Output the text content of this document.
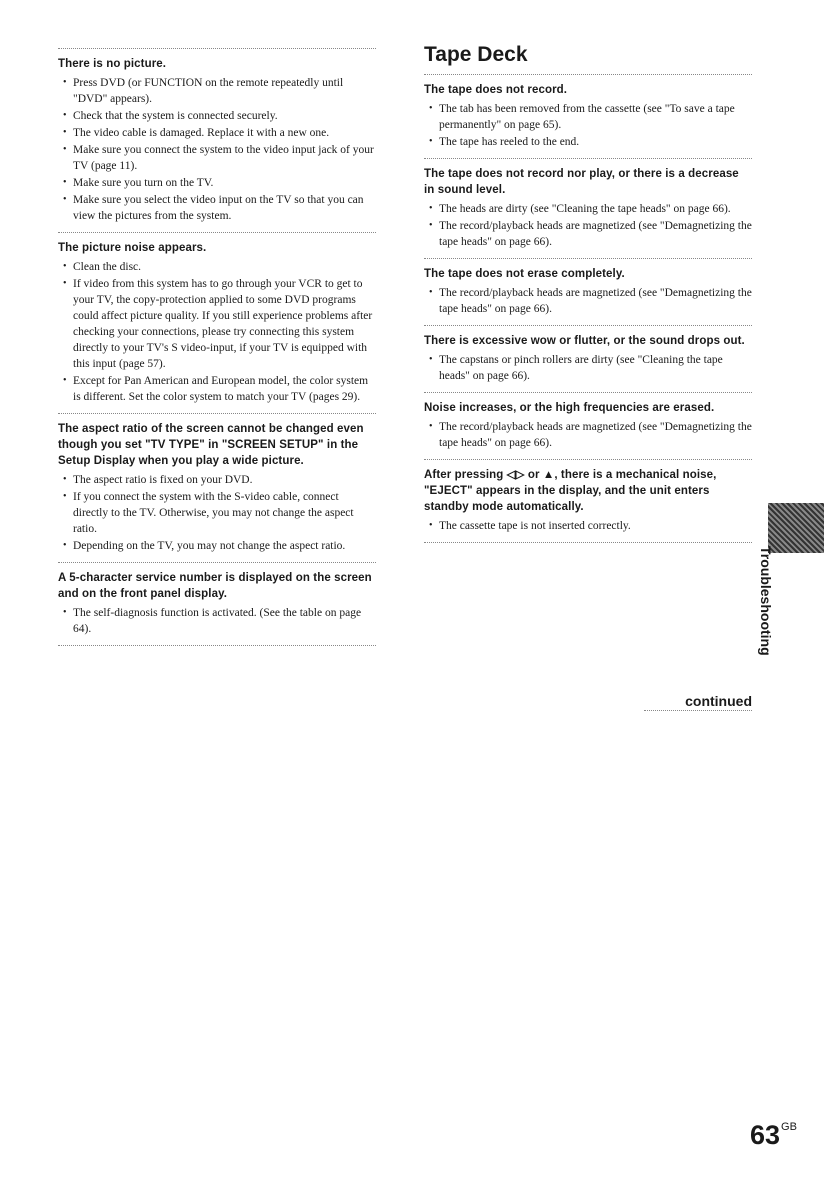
There is no picture.
• Press DVD (or FUNCTION on the remote repeatedly until "DVD" appears).
• Check that the system is connected securely.
• The video cable is damaged. Replace it with a new one.
• Make sure you connect the system to the video input jack of your TV (page 11).
• Make sure you turn on the TV.
• Make sure you select the video input on the TV so that you can view the pictures from the system.
The picture noise appears.
• Clean the disc.
• If video from this system has to go through your VCR to get to your TV, the copy-protection applied to some DVD programs could affect picture quality. If you still experience problems after checking your connections, please try connecting this system directly to your TV's S video-input, if your TV is equipped with this input (page 57).
• Except for Pan American and European model, the color system is different. Set the color system to match your TV (pages 29).
The aspect ratio of the screen cannot be changed even though you set "TV TYPE" in "SCREEN SETUP" in the Setup Display when you play a wide picture.
• The aspect ratio is fixed on your DVD.
• If you connect the system with the S-video cable, connect directly to the TV. Otherwise, you may not change the aspect ratio.
• Depending on the TV, you may not change the aspect ratio.
A 5-character service number is displayed on the screen and on the front panel display.
• The self-diagnosis function is activated. (See the table on page 64).
Tape Deck
The tape does not record.
• The tab has been removed from the cassette (see "To save a tape permanently" on page 65).
• The tape has reeled to the end.
The tape does not record nor play, or there is a decrease in sound level.
• The heads are dirty (see "Cleaning the tape heads" on page 66).
• The record/playback heads are magnetized (see "Demagnetizing the tape heads" on page 66).
The tape does not erase completely.
• The record/playback heads are magnetized (see "Demagnetizing the tape heads" on page 66).
There is excessive wow or flutter, or the sound drops out.
• The capstans or pinch rollers are dirty (see "Cleaning the tape heads" on page 66).
Noise increases, or the high frequencies are erased.
• The record/playback heads are magnetized (see "Demagnetizing the tape heads" on page 66).
After pressing ◁▷ or ▲, there is a mechanical noise, "EJECT" appears in the display, and the unit enters standby mode automatically.
• The cassette tape is not inserted correctly.
continued
Troubleshooting
$63^{GB}$
